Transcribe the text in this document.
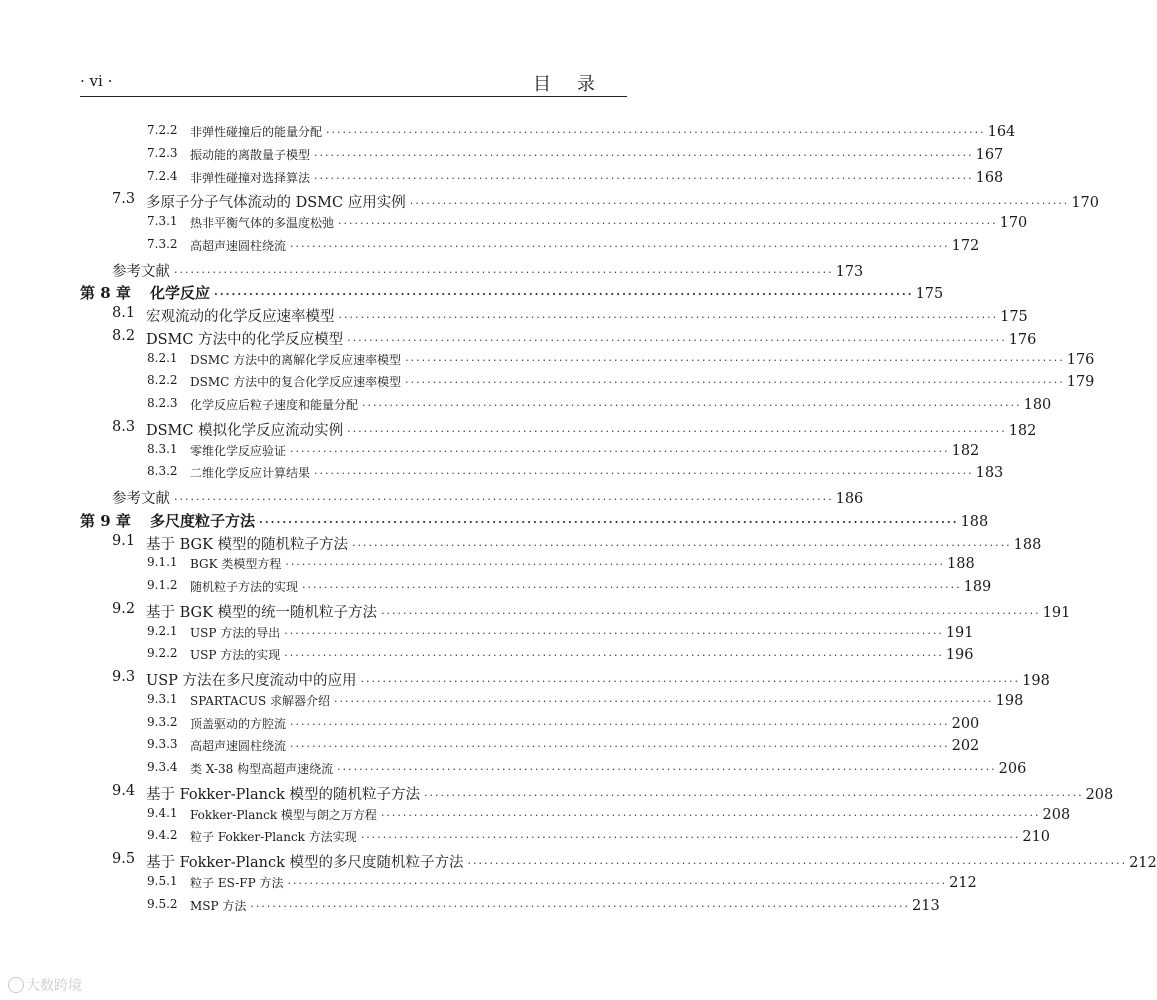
· vi ·	目录
7.2.2 非弹性碰撞后的能量分配 ························································································································ 164
7.2.3 振动能的离散量子模型 ························································································································ 167
7.2.4 非弹性碰撞对选择算法 ························································································································ 168
7.3 多原子分子气体流动的 DSMC 应用实例 ························································································································ 170
7.3.1 热非平衡气体的多温度松弛 ························································································································ 170
7.3.2 高超声速圆柱绕流 ························································································································ 172
参考文献 ························································································································ 173
第 8 章 化学反应 ························································································································ 175
8.1 宏观流动的化学反应速率模型 ························································································································ 175
8.2 DSMC 方法中的化学反应模型 ························································································································ 176
8.2.1 DSMC 方法中的离解化学反应速率模型 ························································································································ 176
8.2.2 DSMC 方法中的复合化学反应速率模型 ························································································································ 179
8.2.3 化学反应后粒子速度和能量分配 ························································································································ 180
8.3 DSMC 模拟化学反应流动实例 ························································································································ 182
8.3.1 零维化学反应验证 ························································································································ 182
8.3.2 二维化学反应计算结果 ························································································································ 183
参考文献 ························································································································ 186
第 9 章 多尺度粒子方法 ························································································································ 188
9.1 基于 BGK 模型的随机粒子方法 ························································································································ 188
9.1.1 BGK 类模型方程 ························································································································ 188
9.1.2 随机粒子方法的实现 ························································································································ 189
9.2 基于 BGK 模型的统一随机粒子方法 ························································································································ 191
9.2.1 USP 方法的导出 ························································································································ 191
9.2.2 USP 方法的实现 ························································································································ 196
9.3 USP 方法在多尺度流动中的应用 ························································································································ 198
9.3.1 SPARTACUS 求解器介绍 ························································································································ 198
9.3.2 顶盖驱动的方腔流 ························································································································ 200
9.3.3 高超声速圆柱绕流 ························································································································ 202
9.3.4 类 X-38 构型高超声速绕流 ························································································································ 206
9.4 基于 Fokker-Planck 模型的随机粒子方法 ························································································································ 208
9.4.1 Fokker-Planck 模型与朗之万方程 ························································································································ 208
9.4.2 粒子 Fokker-Planck 方法实现 ························································································································ 210
9.5 基于 Fokker-Planck 模型的多尺度随机粒子方法 ························································································································ 212
9.5.1 粒子 ES-FP 方法 ························································································································ 212
9.5.2 MSP 方法 ························································································································ 213
大数跨境
